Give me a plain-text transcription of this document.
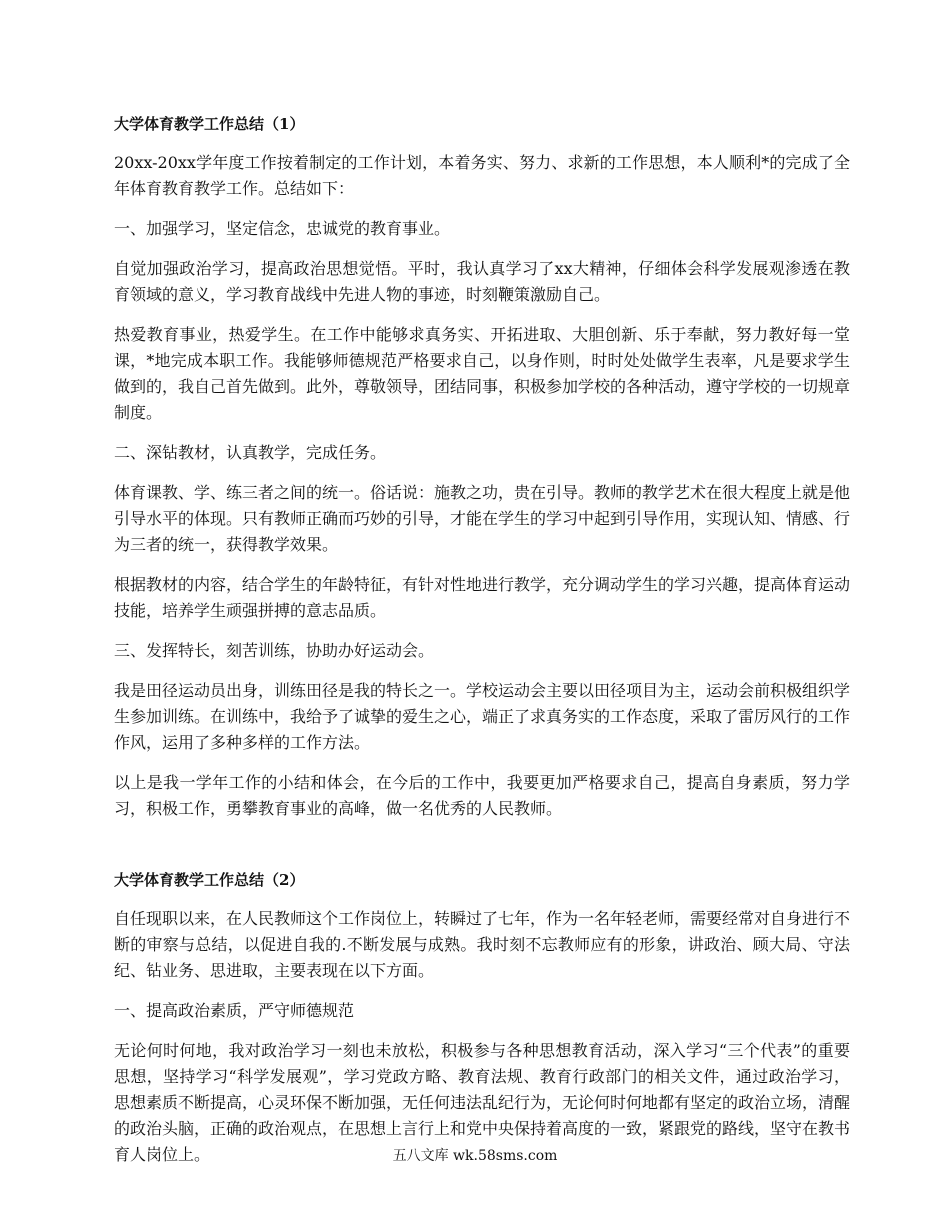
大学体育教学工作总结（1）

20xx-20xx学年度工作按着制定的工作计划，本着务实、努力、求新的工作思想，本人顺利*的完成了全年体育教育教学工作。总结如下：

一、加强学习，坚定信念，忠诚党的教育事业。

自觉加强政治学习，提高政治思想觉悟。平时，我认真学习了xx大精神，仔细体会科学发展观渗透在教育领域的意义，学习教育战线中先进人物的事迹，时刻鞭策激励自己。

热爱教育事业，热爱学生。在工作中能够求真务实、开拓进取、大胆创新、乐于奉献，努力教好每一堂课，*地完成本职工作。我能够师德规范严格要求自己，以身作则，时时处处做学生表率，凡是要求学生做到的，我自己首先做到。此外，尊敬领导，团结同事，积极参加学校的各种活动，遵守学校的一切规章制度。

二、深钻教材，认真教学，完成任务。

体育课教、学、练三者之间的统一。俗话说：施教之功，贵在引导。教师的教学艺术在很大程度上就是他引导水平的体现。只有教师正确而巧妙的引导，才能在学生的学习中起到引导作用，实现认知、情感、行为三者的统一，获得教学效果。

根据教材的内容，结合学生的年龄特征，有针对性地进行教学，充分调动学生的学习兴趣，提高体育运动技能，培养学生顽强拼搏的意志品质。

三、发挥特长，刻苦训练，协助办好运动会。

我是田径运动员出身，训练田径是我的特长之一。学校运动会主要以田径项目为主，运动会前积极组织学生参加训练。在训练中，我给予了诚挚的爱生之心，端正了求真务实的工作态度，采取了雷厉风行的工作作风，运用了多种多样的工作方法。

以上是我一学年工作的小结和体会，在今后的工作中，我要更加严格要求自己，提高自身素质，努力学习，积极工作，勇攀教育事业的高峰，做一名优秀的人民教师。

大学体育教学工作总结（2）

自任现职以来，在人民教师这个工作岗位上，转瞬过了七年，作为一名年轻老师，需要经常对自身进行不断的审察与总结，以促进自我的.不断发展与成熟。我时刻不忘教师应有的形象，讲政治、顾大局、守法纪、钻业务、思进取，主要表现在以下方面。

一、提高政治素质，严守师德规范

无论何时何地，我对政治学习一刻也未放松，积极参与各种思想教育活动，深入学习“三个代表”的重要思想，坚持学习“科学发展观”，学习党政方略、教育法规、教育行政部门的相关文件，通过政治学习，思想素质不断提高，心灵环保不断加强，无任何违法乱纪行为，无论何时何地都有坚定的政治立场，清醒的政治头脑，正确的政治观点，在思想上言行上和党中央保持着高度的一致，紧跟党的路线，坚守在教书育人岗位上。	五八文库 wk.58sms.com
